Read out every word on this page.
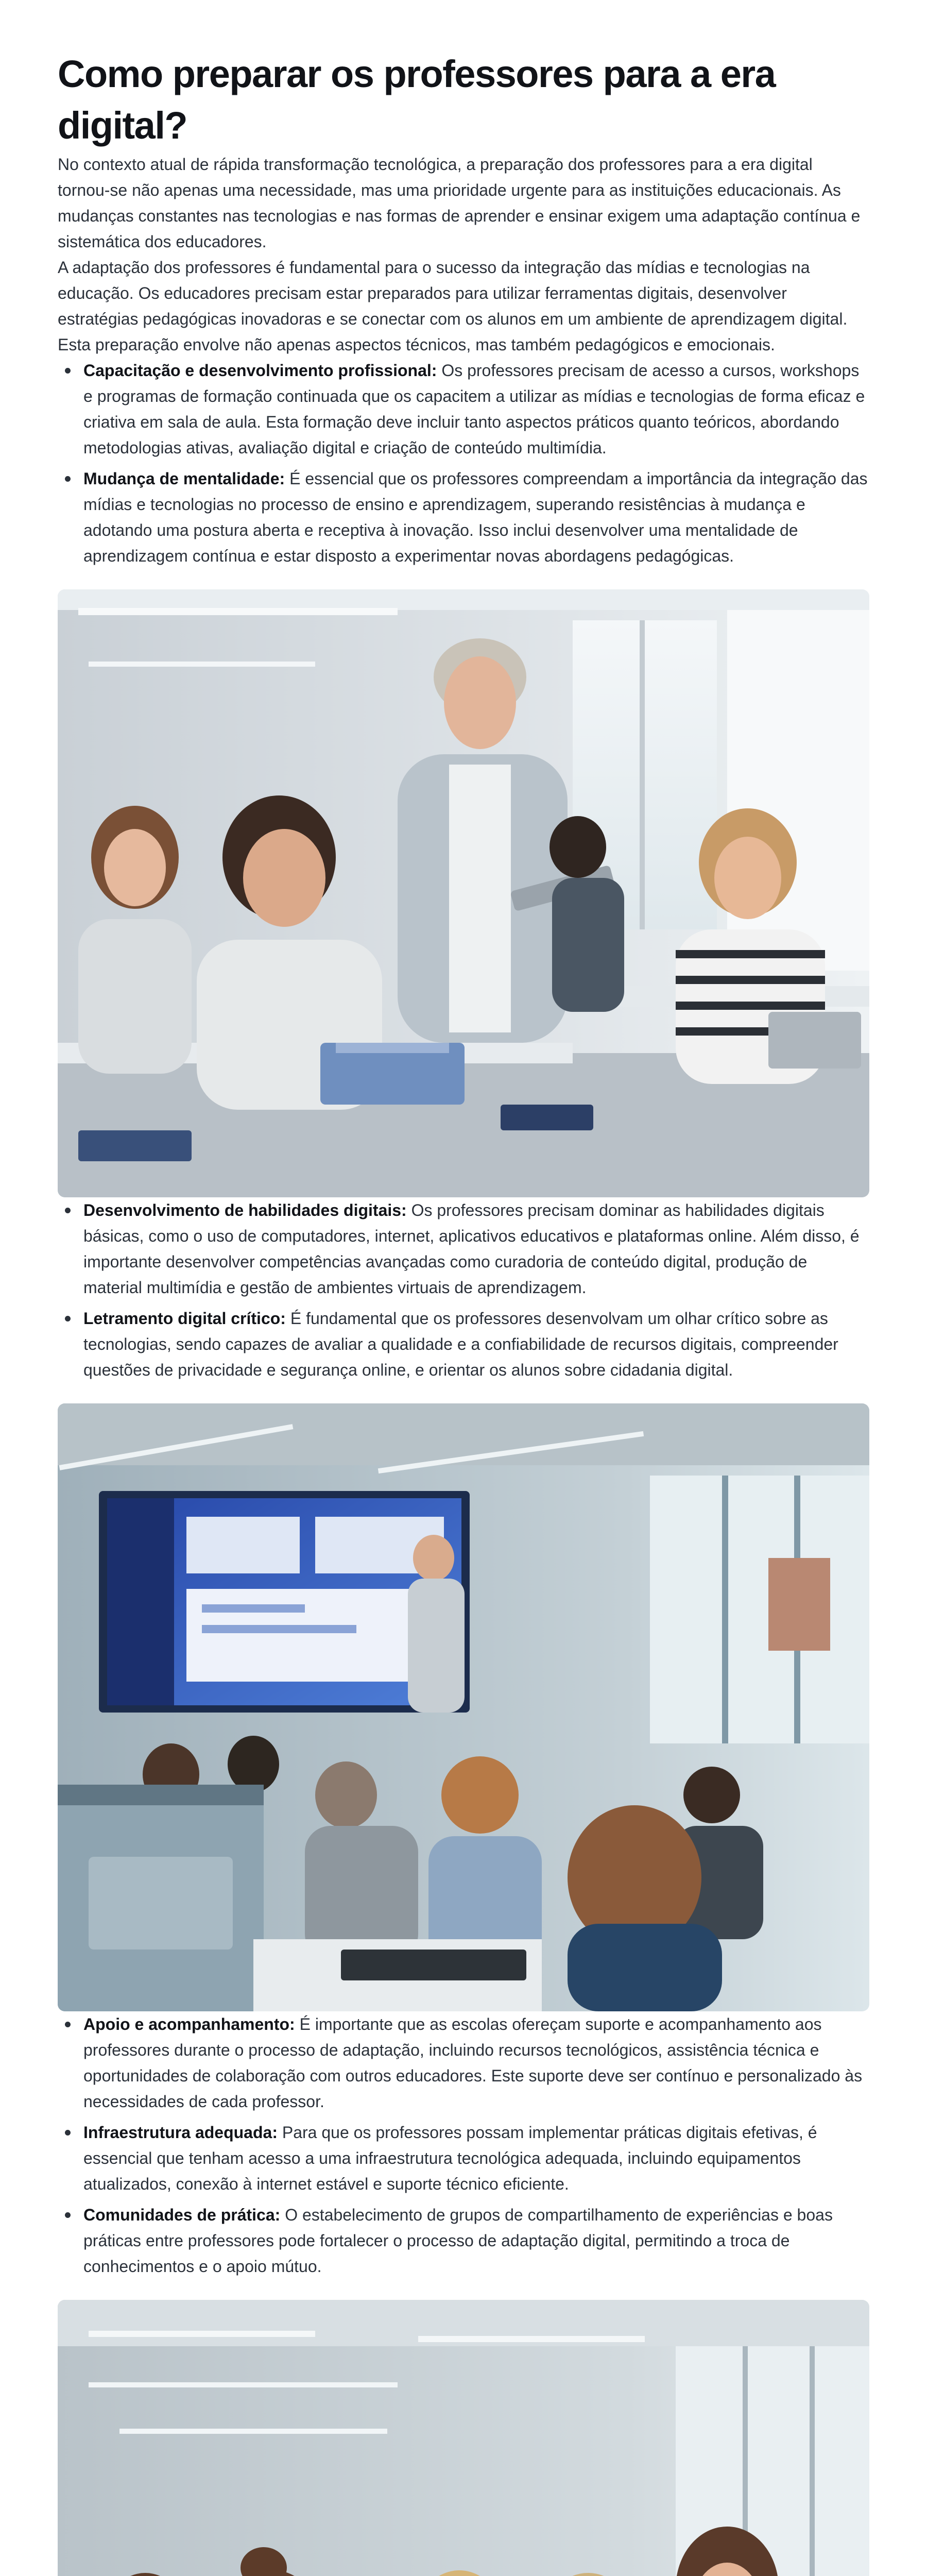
Como preparar os professores para a era digital?

No contexto atual de rápida transformação tecnológica, a preparação dos professores para a era digital tornou-se não apenas uma necessidade, mas uma prioridade urgente para as instituições educacionais. As mudanças constantes nas tecnologias e nas formas de aprender e ensinar exigem uma adaptação contínua e sistemática dos educadores.

A adaptação dos professores é fundamental para o sucesso da integração das mídias e tecnologias na educação. Os educadores precisam estar preparados para utilizar ferramentas digitais, desenvolver estratégias pedagógicas inovadoras e se conectar com os alunos em um ambiente de aprendizagem digital. Esta preparação envolve não apenas aspectos técnicos, mas também pedagógicos e emocionais.

Capacitação e desenvolvimento profissional: Os professores precisam de acesso a cursos, workshops e programas de formação continuada que os capacitem a utilizar as mídias e tecnologias de forma eficaz e criativa em sala de aula. Esta formação deve incluir tanto aspectos práticos quanto teóricos, abordando metodologias ativas, avaliação digital e criação de conteúdo multimídia.
Mudança de mentalidade: É essencial que os professores compreendam a importância da integração das mídias e tecnologias no processo de ensino e aprendizagem, superando resistências à mudança e adotando uma postura aberta e receptiva à inovação. Isso inclui desenvolver uma mentalidade de aprendizagem contínua e estar disposto a experimentar novas abordagens pedagógicas.
Desenvolvimento de habilidades digitais: Os professores precisam dominar as habilidades digitais básicas, como o uso de computadores, internet, aplicativos educativos e plataformas online. Além disso, é importante desenvolver competências avançadas como curadoria de conteúdo digital, produção de material multimídia e gestão de ambientes virtuais de aprendizagem.
Letramento digital crítico: É fundamental que os professores desenvolvam um olhar crítico sobre as tecnologias, sendo capazes de avaliar a qualidade e a confiabilidade de recursos digitais, compreender questões de privacidade e segurança online, e orientar os alunos sobre cidadania digital.
Apoio e acompanhamento: É importante que as escolas ofereçam suporte e acompanhamento aos professores durante o processo de adaptação, incluindo recursos tecnológicos, assistência técnica e oportunidades de colaboração com outros educadores. Este suporte deve ser contínuo e personalizado às necessidades de cada professor.
Infraestrutura adequada: Para que os professores possam implementar práticas digitais efetivas, é essencial que tenham acesso a uma infraestrutura tecnológica adequada, incluindo equipamentos atualizados, conexão à internet estável e suporte técnico eficiente.
Comunidades de prática: O estabelecimento de grupos de compartilhamento de experiências e boas práticas entre professores pode fortalecer o processo de adaptação digital, permitindo a troca de conhecimentos e o apoio mútuo.
